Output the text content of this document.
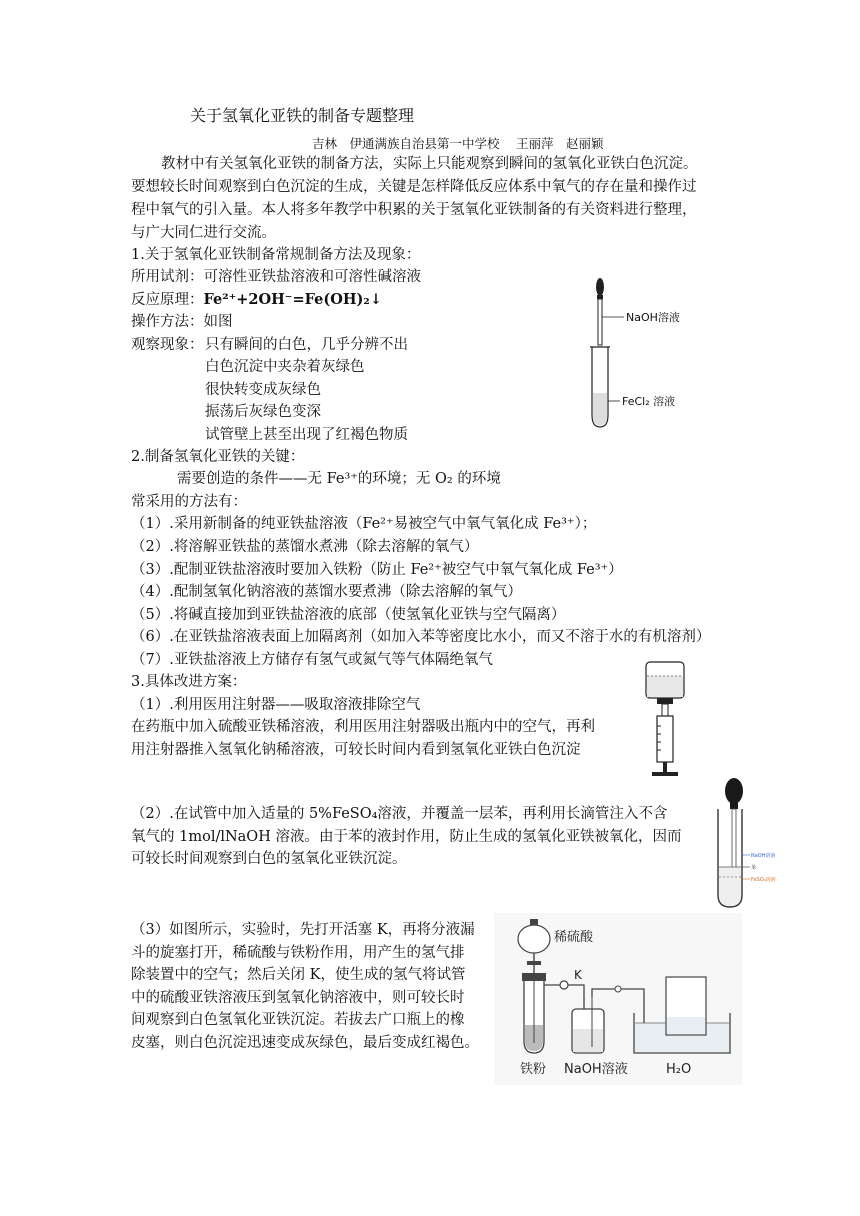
关于氢氧化亚铁的制备专题整理
吉林　伊通满族自治县第一中学校　 王丽萍　赵丽颖
教材中有关氢氧化亚铁的制备方法，实际上只能观察到瞬间的氢氧化亚铁白色沉淀。
要想较长时间观察到白色沉淀的生成，关键是怎样降低反应体系中氧气的存在量和操作过
程中氧气的引入量。本人将多年教学中积累的关于氢氧化亚铁制备的有关资料进行整理，
与广大同仁进行交流。
1.关于氢氧化亚铁制备常规制备方法及现象：
所用试剂：可溶性亚铁盐溶液和可溶性碱溶液
反应原理：Fe²⁺+2OH⁻=Fe(OH)₂↓
操作方法：如图
观察现象： 只有瞬间的白色，几乎分辨不出
白色沉淀中夹杂着灰绿色
很快转变成灰绿色
振荡后灰绿色变深
试管壁上甚至出现了红褐色物质
NaOH溶液
FeCl₂ 溶液
2.制备氢氧化亚铁的关键：
需要创造的条件——无 Fe³⁺的环境；无 O₂ 的环境
常采用的方法有：
（1）.采用新制备的纯亚铁盐溶液（Fe²⁺易被空气中氧气氧化成 Fe³⁺）；
（2）.将溶解亚铁盐的蒸馏水煮沸（除去溶解的氧气）
（3）.配制亚铁盐溶液时要加入铁粉（防止 Fe²⁺被空气中氧气氧化成 Fe³⁺）
（4）.配制氢氧化钠溶液的蒸馏水要煮沸（除去溶解的氧气）
（5）.将碱直接加到亚铁盐溶液的底部（使氢氧化亚铁与空气隔离）
（6）.在亚铁盐溶液表面上加隔离剂（如加入苯等密度比水小，而又不溶于水的有机溶剂）
（7）.亚铁盐溶液上方储存有氢气或氮气等气体隔绝氧气
3.具体改进方案：
（1）.利用医用注射器——吸取溶液排除空气
在药瓶中加入硫酸亚铁稀溶液，利用医用注射器吸出瓶内中的空气，再利
用注射器推入氢氧化钠稀溶液，可较长时间内看到氢氧化亚铁白色沉淀
（2）.在试管中加入适量的 5%FeSO₄溶液，并覆盖一层苯，再利用长滴管注入不含
氧气的 1mol/lNaOH 溶液。由于苯的液封作用，防止生成的氢氧化亚铁被氧化，因而
可较长时间观察到白色的氢氧化亚铁沉淀。	NaOH溶液
苯
FeSO₄溶液
（3）如图所示，实验时，先打开活塞 K，再将分液漏
斗的旋塞打开，稀硫酸与铁粉作用，用产生的氢气排
除装置中的空气；然后关闭 K，使生成的氢气将试管
中的硫酸亚铁溶液压到氢氧化钠溶液中，则可较长时
间观察到白色氢氧化亚铁沉淀。若拔去广口瓶上的橡
皮塞，则白色沉淀迅速变成灰绿色，最后变成红褐色。
稀硫酸
铁粉
K
NaOH溶液	H₂O
